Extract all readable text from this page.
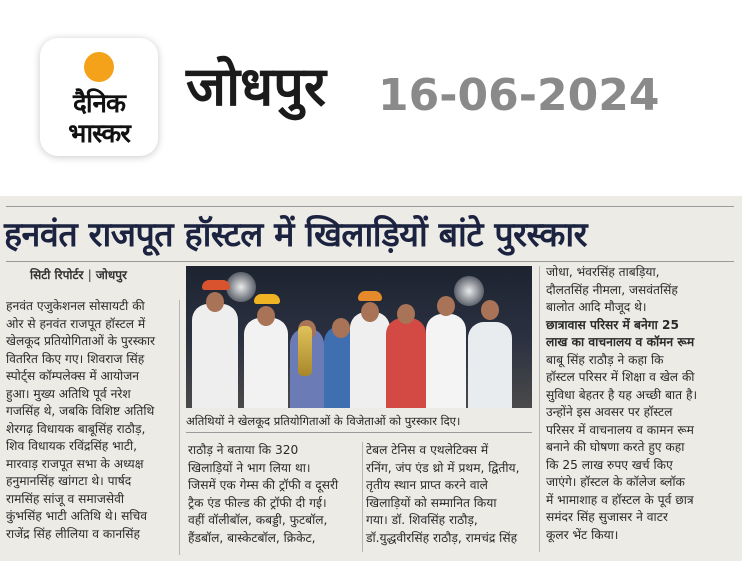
दैनिक
भास्कर
जोधपुर 16-06-2024
हनवंत राजपूत हॉस्टल में खिलाड़ियों बांटे पुरस्कार
सिटी रिपोर्टर | जोधपुर

हनवंत एजुकेशनल सोसायटी की

ओर से हनवंत राजपूत हॉस्टल में

खेलकूद प्रतियोगिताओं के पुरस्कार

वितरित किए गए। शिवराज सिंह

स्पोर्ट्स कॉम्पलेक्स में आयोजन

हुआ। मुख्य अतिथि पूर्व नरेश

गजसिंह थे, जबकि विशिष्ट अतिथि

शेरगढ़ विधायक बाबूसिंह राठौड़,

शिव विधायक रविंद्रसिंह भाटी,

मारवाड़ राजपूत सभा के अध्यक्ष

हनुमानसिंह खांगटा थे। पार्षद

रामसिंह सांजू व समाजसेवी

कुंभसिंह भाटी अतिथि थे। सचिव

राजेंद्र सिंह लीलिया व कानसिंह

अतिथियों ने खेलकूद प्रतियोगिताओं के विजेताओं को पुरस्कार दिए।

राठौड़ ने बताया कि 320

खिलाड़ियों ने भाग लिया था।

जिसमें एक गेम्स की ट्रॉफी व दूसरी

ट्रैक एंड फील्ड की ट्रॉफी दी गई।

वहीं वॉलीबॉल, कबड्डी, फुटबॉल,

हैंडबॉल, बास्केटबॉल, क्रिकेट,

टेबल टेनिस व एथलेटिक्स में

रनिंग, जंप एंड थ्रो में प्रथम, द्वितीय,

तृतीय स्थान प्राप्त करने वाले

खिलाड़ियों को सम्मानित किया

गया। डॉ. शिवसिंह राठौड़,

डॉ.युद्धवीरसिंह राठौड़, रामचंद्र सिंह

जोधा, भंवरसिंह ताबड़िया,

दौलतसिंह नीमला, जसवंतसिंह

बालोत आदि मौजूद थे।

छात्रावास परिसर में बनेगा 25

लाख का वाचनालय व कॉमन रूम

बाबू सिंह राठौड़ ने कहा कि

हॉस्टल परिसर में शिक्षा व खेल की

सुविधा बेहतर है यह अच्छी बात है।

उन्होंने इस अवसर पर हॉस्टल

परिसर में वाचनालय व कामन रूम

बनाने की घोषणा करते हुए कहा

कि 25 लाख रुपए खर्च किए

जाएंगे। हॉस्टल के कॉलेज ब्लॉक

में भामाशाह व हॉस्टल के पूर्व छात्र

समंदर सिंह सुजासर ने वाटर

कूलर भेंट किया।
